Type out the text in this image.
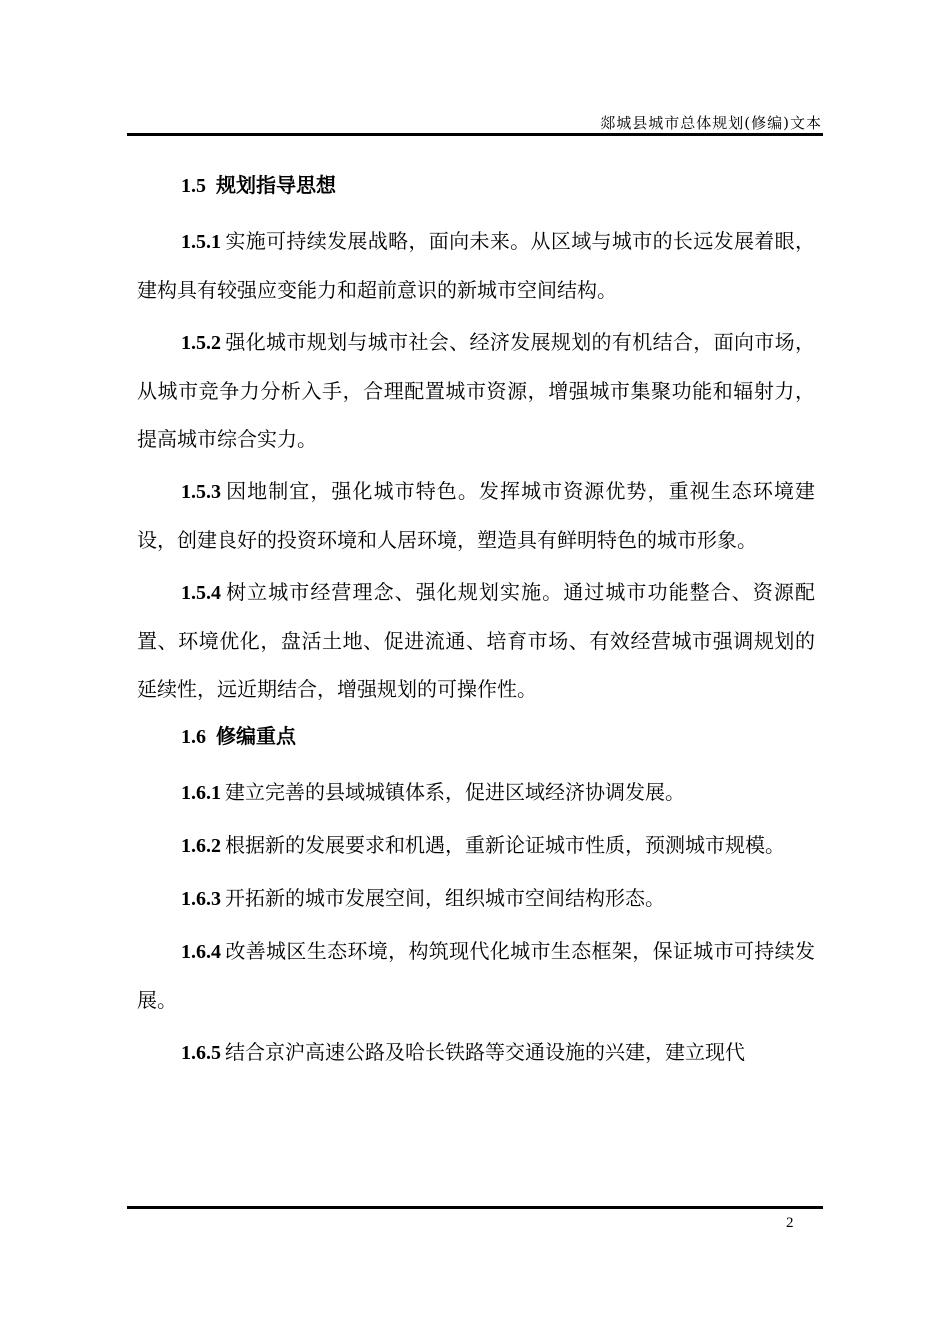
郯城县城市总体规划(修编)文本
1.5 规划指导思想

1.5.1 实施可持续发展战略，面向未来。从区域与城市的长远发展着眼，建构具有较强应变能力和超前意识的新城市空间结构。

1.5.2 强化城市规划与城市社会、经济发展规划的有机结合，面向市场，从城市竞争力分析入手，合理配置城市资源，增强城市集聚功能和辐射力，提高城市综合实力。

1.5.3 因地制宜，强化城市特色。发挥城市资源优势，重视生态环境建设，创建良好的投资环境和人居环境，塑造具有鲜明特色的城市形象。

1.5.4 树立城市经营理念、强化规划实施。通过城市功能整合、资源配置、环境优化，盘活土地、促进流通、培育市场、有效经营城市强调规划的延续性，远近期结合，增强规划的可操作性。

1.6 修编重点

1.6.1 建立完善的县域城镇体系，促进区域经济协调发展。

1.6.2 根据新的发展要求和机遇，重新论证城市性质，预测城市规模。

1.6.3 开拓新的城市发展空间，组织城市空间结构形态。

1.6.4 改善城区生态环境，构筑现代化城市生态框架，保证城市可持续发展。

1.6.5 结合京沪高速公路及哈长铁路等交通设施的兴建，建立现代

2
